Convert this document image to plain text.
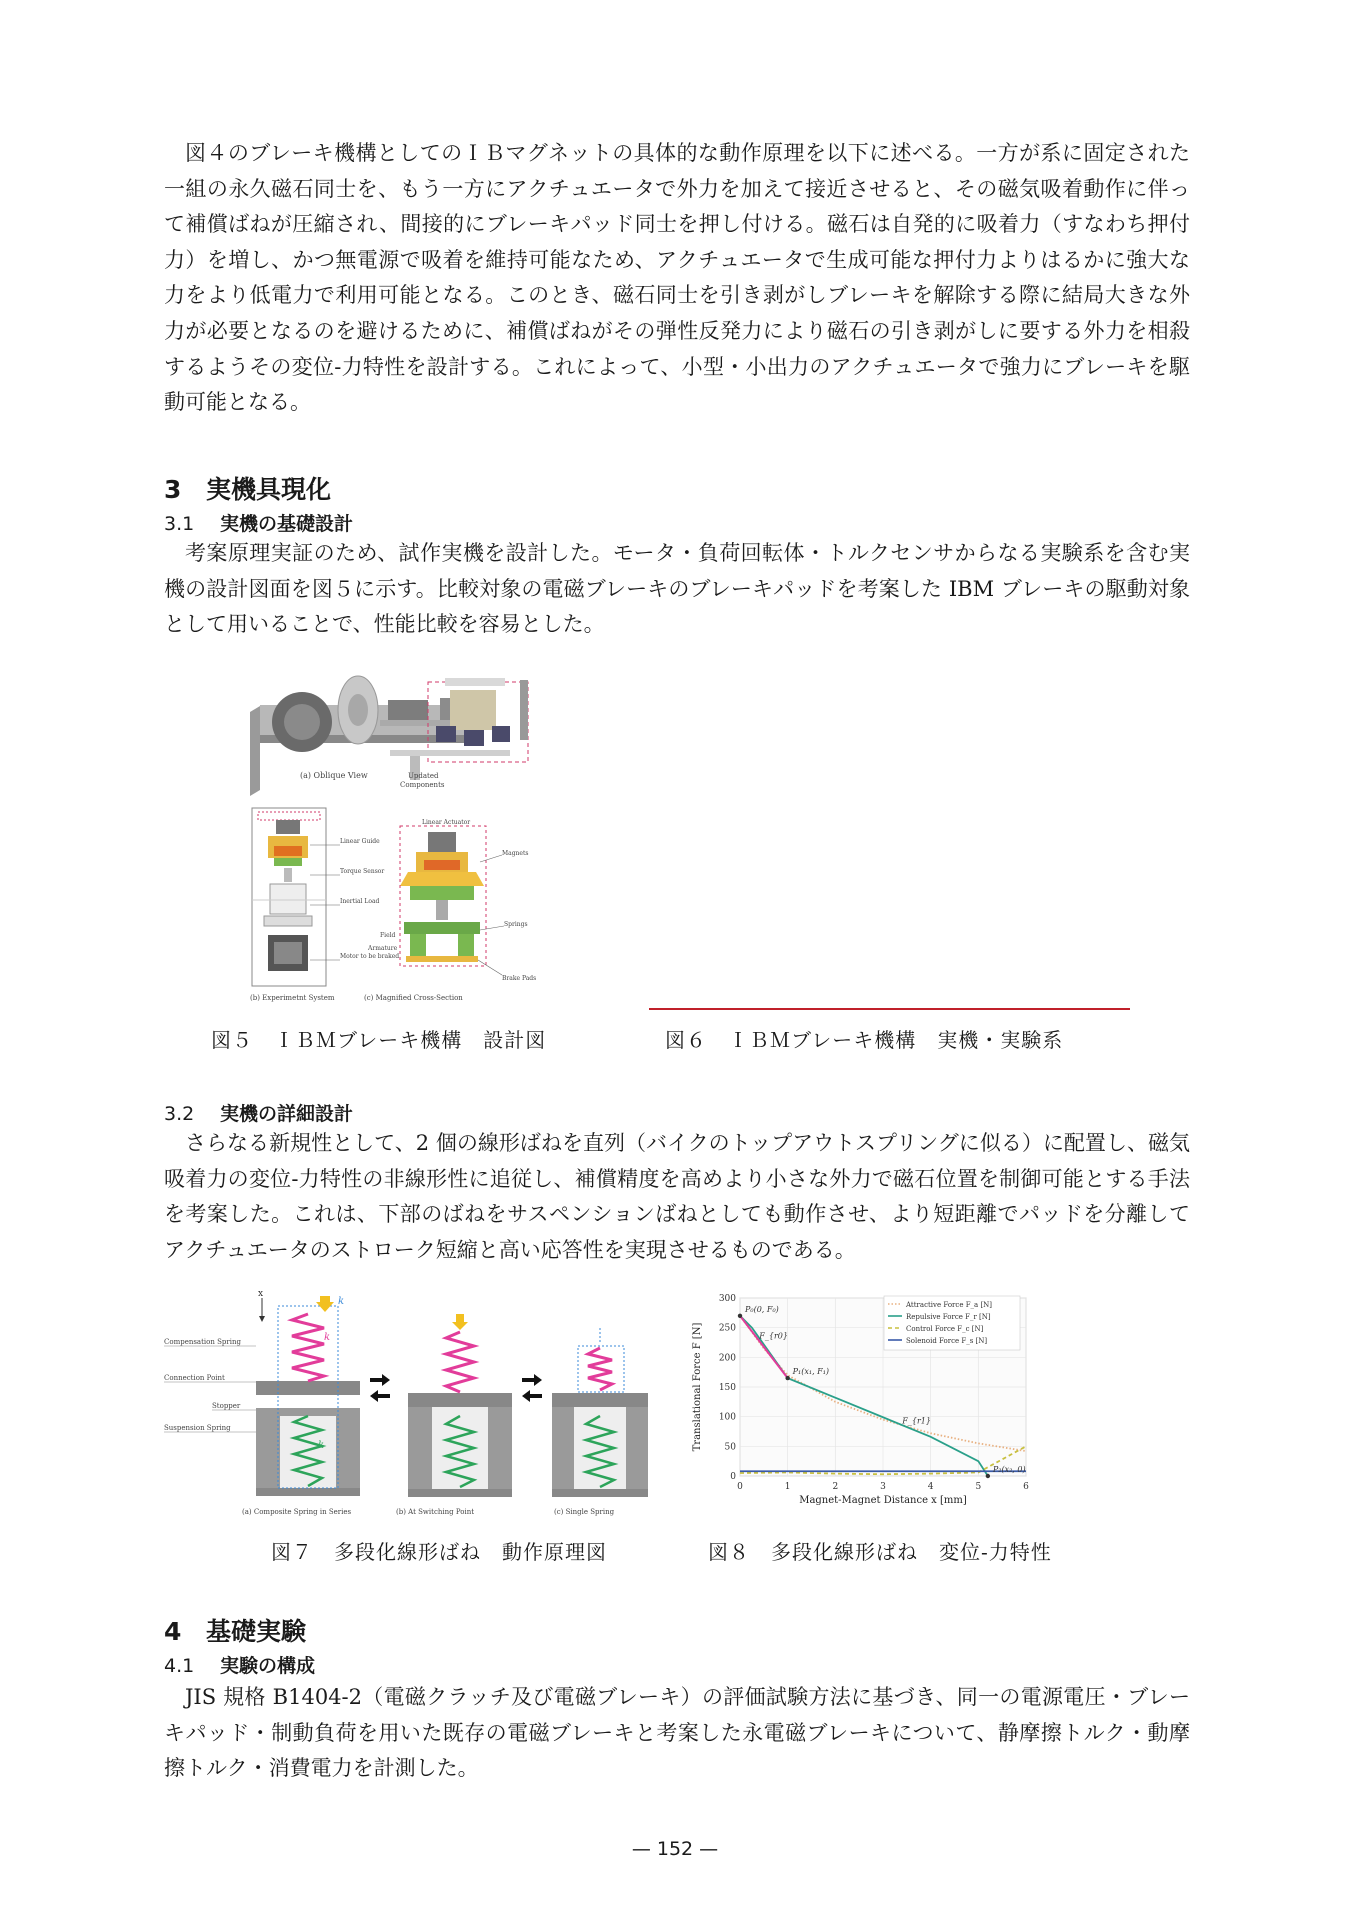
図４のブレーキ機構としてのＩＢマグネットの具体的な動作原理を以下に述べる。一方が系に固定された一組の永久磁石同士を、もう一方にアクチュエータで外力を加えて接近させると、その磁気吸着動作に伴って補償ばねが圧縮され、間接的にブレーキパッド同士を押し付ける。磁石は自発的に吸着力（すなわち押付力）を増し、かつ無電源で吸着を維持可能なため、アクチュエータで生成可能な押付力よりはるかに強大な力をより低電力で利用可能となる。このとき、磁石同士を引き剥がしブレーキを解除する際に結局大きな外力が必要となるのを避けるために、補償ばねがその弾性反発力により磁石の引き剥がしに要する外力を相殺するようその変位-力特性を設計する。これによって、小型・小出力のアクチュエータで強力にブレーキを駆動可能となる。

3 実機具現化
3.1 実機の基礎設計

考案原理実証のため、試作実機を設計した。モータ・負荷回転体・トルクセンサからなる実験系を含む実機の設計図面を図５に示す。比較対象の電磁ブレーキのブレーキパッドを考案した IBM ブレーキの駆動対象として用いることで、性能比較を容易とした。

(a) Oblique View	Updated
Components
Linear Guide
Torque Sensor
Inertial Load
Motor to be braked
Linear Actuator
Magnets
Springs
Field
Armature
Brake Pads
(b) Experimetnt System	(c) Magnified Cross-Section
図５　ＩＢＭブレーキ機構　設計図	図６　ＩＢＭブレーキ機構　実機・実験系
3.2 実機の詳細設計

さらなる新規性として、2 個の線形ばねを直列（バイクのトップアウトスプリングに似る）に配置し、磁気吸着力の変位-力特性の非線形性に追従し、補償精度を高めより小さな外力で磁石位置を制御可能とする手法を考案した。これは、下部のばねをサスペンションばねとしても動作させ、より短距離でパッドを分離してアクチュエータのストローク短縮と高い応答性を実現させるものである。

Compensation Spring
Connection Point
Stopper
Suspension Spring
x
k
k
k
(a) Composite Spring in Series	(b) At Switching Point	(c) Single Spring
0
50
100
150
200
250
300
0	1	2	3	4	5	6
P₀(0, F₀)
F_{r0}
P₁(x₁, F₁)
F_{r1}
P₂(x₂, 0)
Attractive Force F_a [N]
Repulsive Force F_r [N]
Control Force F_c [N]
Solenoid Force F_s [N]
Magnet-Magnet Distance x [mm]
Translational Force F [N]
図７　多段化線形ばね　動作原理図	図８　多段化線形ばね　変位-力特性
4 基礎実験
4.1 実験の構成

JIS 規格 B1404-2（電磁クラッチ及び電磁ブレーキ）の評価試験方法に基づき、同一の電源電圧・ブレーキパッド・制動負荷を用いた既存の電磁ブレーキと考案した永電磁ブレーキについて、静摩擦トルク・動摩擦トルク・消費電力を計測した。

— 152 —
